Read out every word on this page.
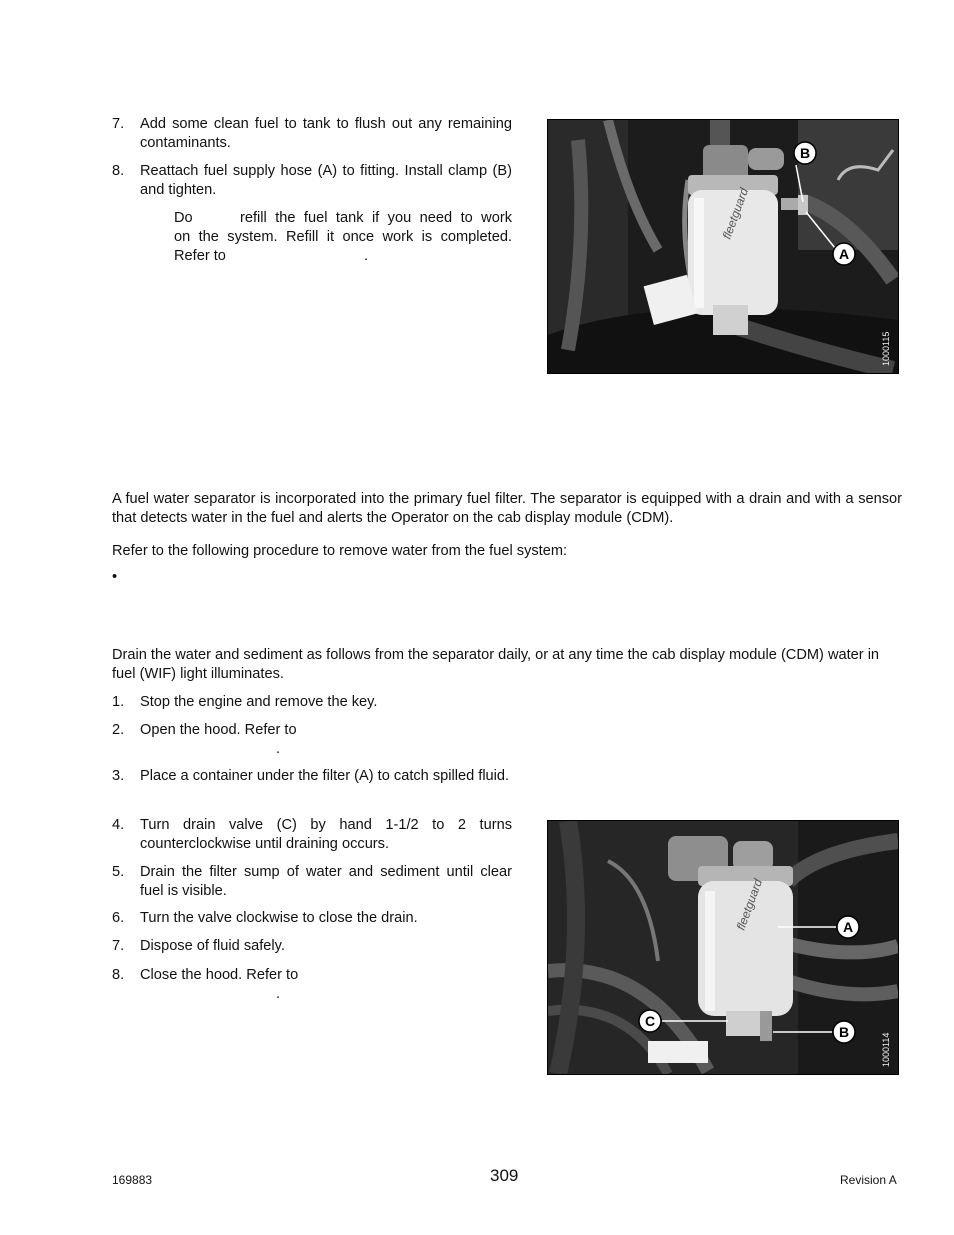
7. Add some clean fuel to tank to flush out any remaining contaminants.
8. Reattach fuel supply hose (A) to fitting. Install clamp (B) and tighten.
Do	refill the fuel tank if you need to work
on the system. Refill it once work is completed.
Refer to	.
fleetguard
B
A
1000115
A fuel water separator is incorporated into the primary fuel filter. The separator is equipped with a drain and with a sensor that detects water in the fuel and alerts the Operator on the cab display module (CDM).
Refer to the following procedure to remove water from the fuel system:
•
Drain the water and sediment as follows from the separator daily, or at any time the cab display module (CDM) water in fuel (WIF) light illuminates.
1. Stop the engine and remove the key.
2. Open the hood. Refer to
.
3. Place a container under the filter (A) to catch spilled fluid.
4. Turn drain valve (C) by hand 1-1/2 to 2 turns counterclockwise until draining occurs.
5. Drain the filter sump of water and sediment until clear fuel is visible.
6. Turn the valve clockwise to close the drain.
7. Dispose of fluid safely.
8. Close the hood. Refer to
.
fleetguard	A
C
B
1000114
169883	309	Revision A
